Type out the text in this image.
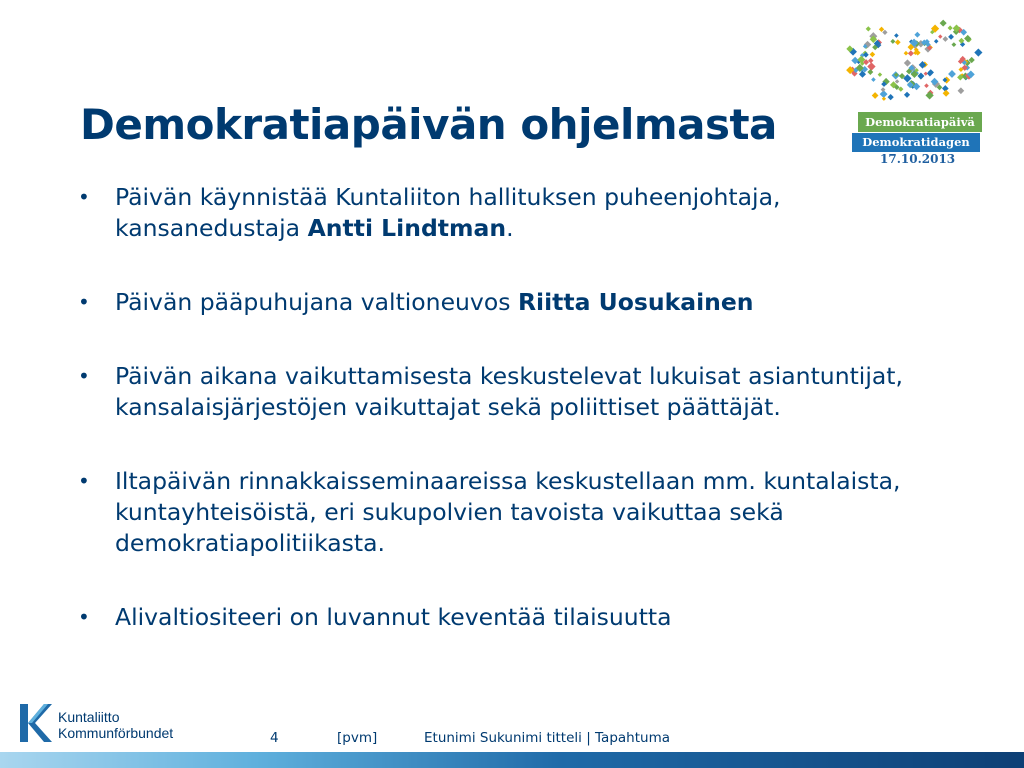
Demokratiapäivän ohjelmasta
• Päivän käynnistää Kuntaliiton hallituksen puheenjohtaja, kansanedustaja Antti Lindtman.
• Päivän pääpuhujana valtioneuvos Riitta Uosukainen
• Päivän aikana vaikuttamisesta keskustelevat lukuisat asiantuntijat, kansalaisjärjestöjen vaikuttajat sekä poliittiset päättäjät.
• Iltapäivän rinnakkaisseminaareissa keskustellaan mm. kuntalaista, kuntayhteisöistä, eri sukupolvien tavoista vaikuttaa sekä demokratiapolitiikasta.
• Alivaltiositeeri on luvannut keventää tilaisuutta
Demokratiapäivä
Demokratidagen
17.10.2013
Kuntaliitto
Kommunförbundet	4	[pvm]	Etunimi Sukunimi titteli | Tapahtuma
